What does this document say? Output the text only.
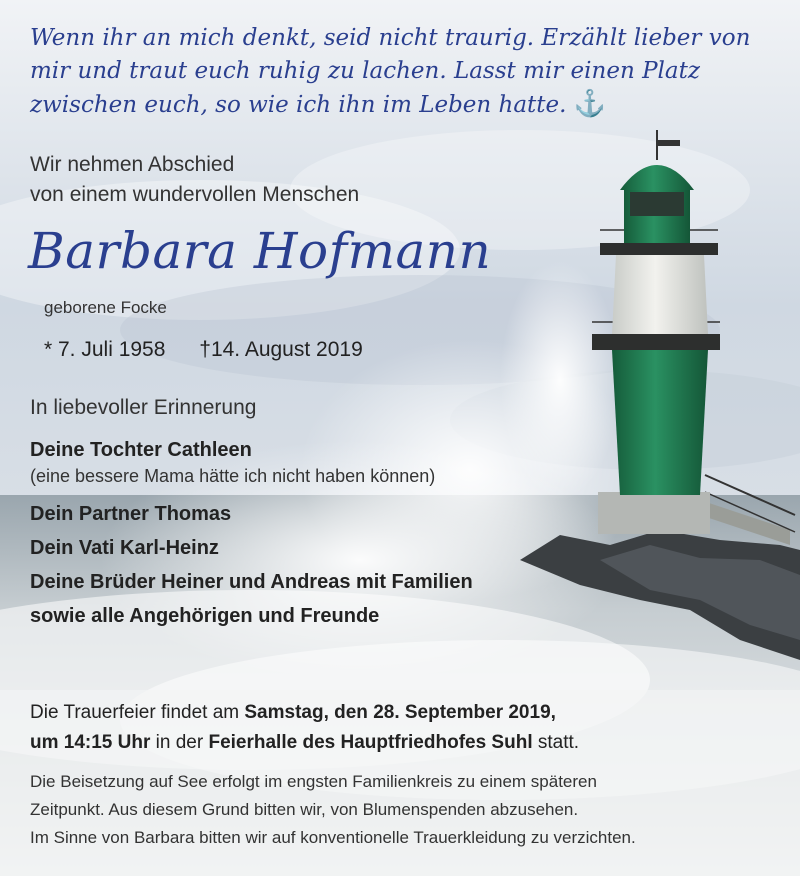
Wenn ihr an mich denkt, seid nicht traurig. Erzählt lieber von
mir und traut euch ruhig zu lachen. Lasst mir einen Platz
zwischen euch, so wie ich ihn im Leben hatte. ⚓
Wir nehmen Abschied
von einem wundervollen Menschen
Barbara Hofmann
geborene Focke
* 7. Juli 1958 †14. August 2019
In liebevoller Erinnerung
Deine Tochter Cathleen
(eine bessere Mama hätte ich nicht haben können)
Dein Partner Thomas
Dein Vati Karl-Heinz
Deine Brüder Heiner und Andreas mit Familien
sowie alle Angehörigen und Freunde
Die Trauerfeier findet am Samstag, den 28. September 2019,
um 14:15 Uhr in der Feierhalle des Hauptfriedhofes Suhl statt.
Die Beisetzung auf See erfolgt im engsten Familienkreis zu einem späteren
Zeitpunkt. Aus diesem Grund bitten wir, von Blumenspenden abzusehen.
Im Sinne von Barbara bitten wir auf konventionelle Trauerkleidung zu verzichten.
